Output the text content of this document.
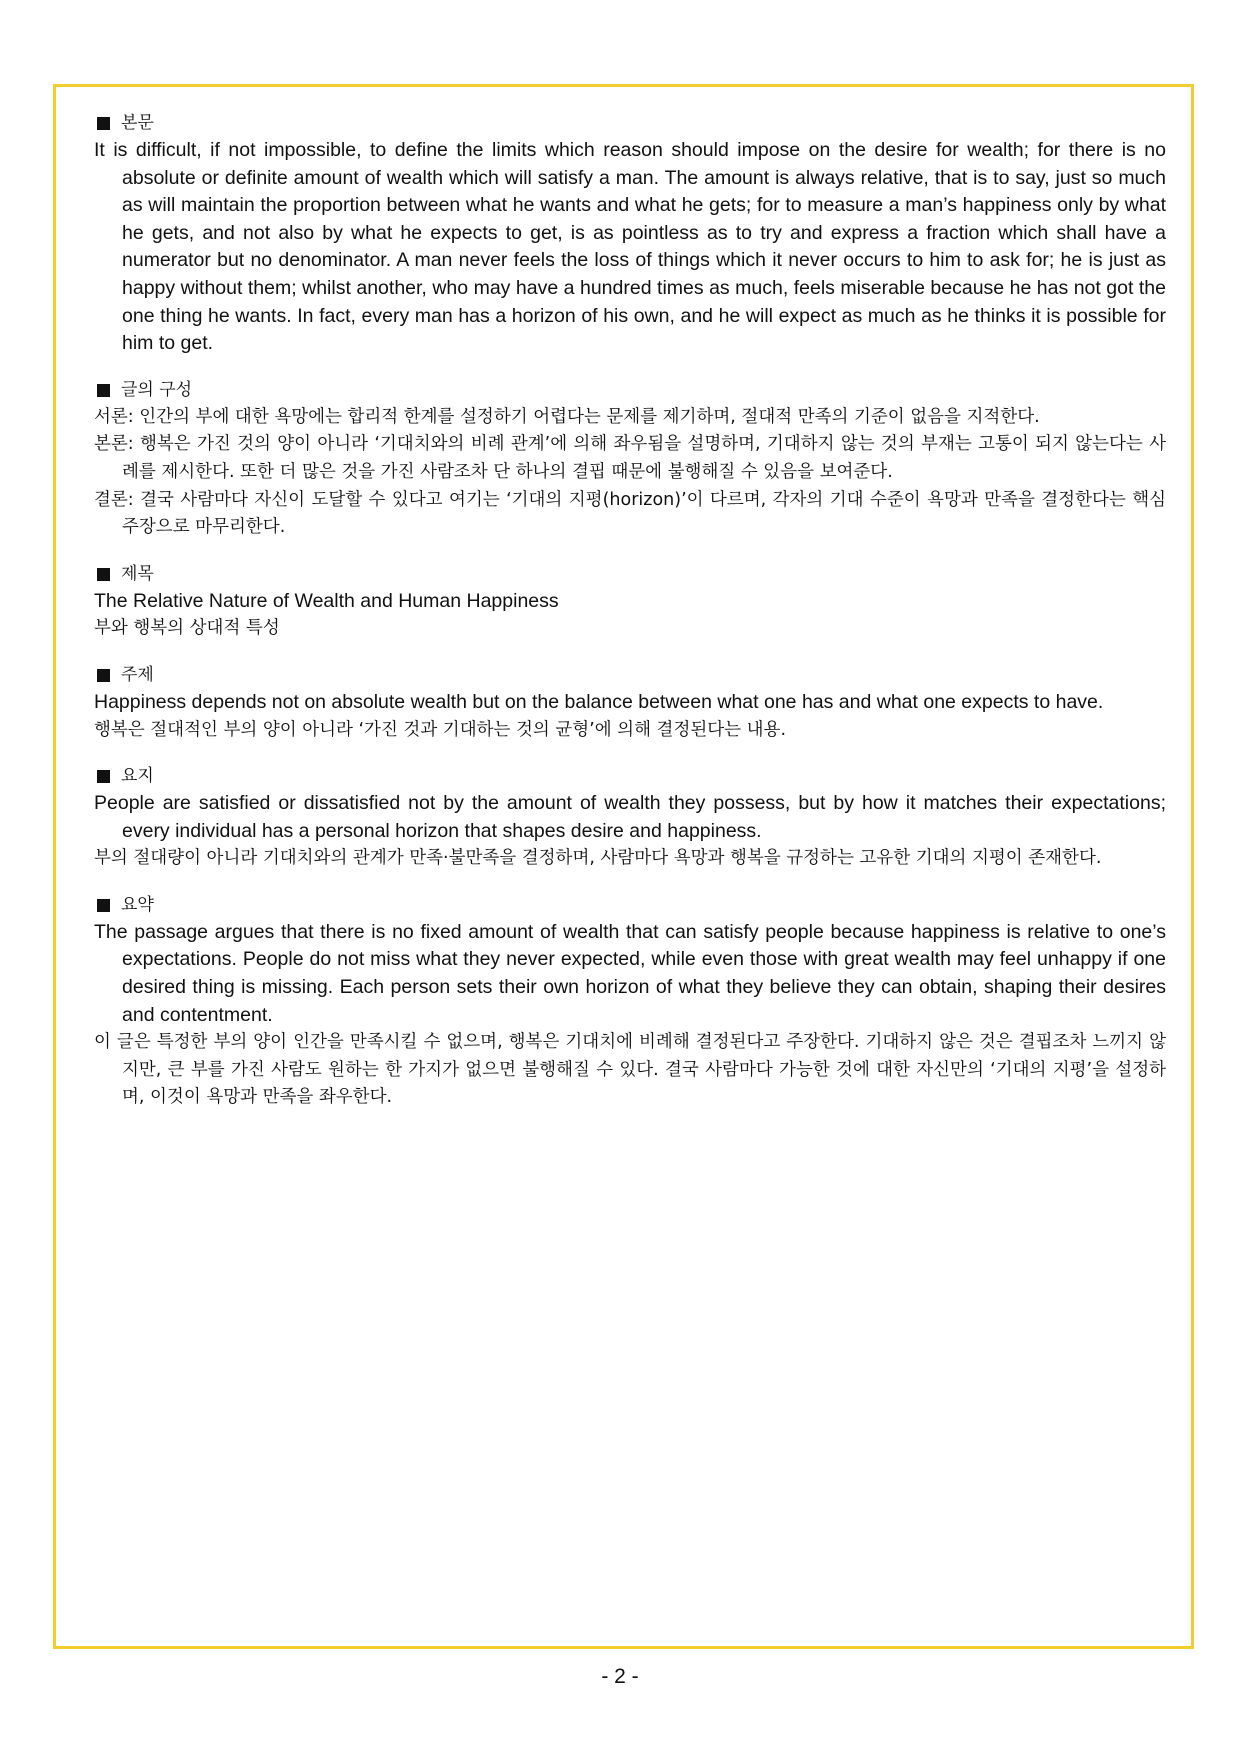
본문
It is difficult, if not impossible, to define the limits which reason should impose on the desire for wealth; for there is no absolute or definite amount of wealth which will satisfy a man. The amount is always relative, that is to say, just so much as will maintain the proportion between what he wants and what he gets; for to measure a man’s happiness only by what he gets, and not also by what he expects to get, is as pointless as to try and express a fraction which shall have a numerator but no denominator. A man never feels the loss of things which it never occurs to him to ask for; he is just as happy without them; whilst another, who may have a hundred times as much, feels miserable because he has not got the one thing he wants. In fact, every man has a horizon of his own, and he will expect as much as he thinks it is possible for him to get.
글의 구성
서론: 인간의 부에 대한 욕망에는 합리적 한계를 설정하기 어렵다는 문제를 제기하며, 절대적 만족의 기준이 없음을 지적한다.
본론: 행복은 가진 것의 양이 아니라 ‘기대치와의 비례 관계’에 의해 좌우됨을 설명하며, 기대하지 않는 것의 부재는 고통이 되지 않는다는 사례를 제시한다. 또한 더 많은 것을 가진 사람조차 단 하나의 결핍 때문에 불행해질 수 있음을 보여준다.
결론: 결국 사람마다 자신이 도달할 수 있다고 여기는 ‘기대의 지평(horizon)’이 다르며, 각자의 기대 수준이 욕망과 만족을 결정한다는 핵심 주장으로 마무리한다.
제목
The Relative Nature of Wealth and Human Happiness
부와 행복의 상대적 특성
주제
Happiness depends not on absolute wealth but on the balance between what one has and what one expects to have.
행복은 절대적인 부의 양이 아니라 ‘가진 것과 기대하는 것의 균형’에 의해 결정된다는 내용.
요지
People are satisfied or dissatisfied not by the amount of wealth they possess, but by how it matches their expectations; every individual has a personal horizon that shapes desire and happiness.
부의 절대량이 아니라 기대치와의 관계가 만족·불만족을 결정하며, 사람마다 욕망과 행복을 규정하는 고유한 기대의 지평이 존재한다.
요약
The passage argues that there is no fixed amount of wealth that can satisfy people because happiness is relative to one’s expectations. People do not miss what they never expected, while even those with great wealth may feel unhappy if one desired thing is missing. Each person sets their own horizon of what they believe they can obtain, shaping their desires and contentment.
이 글은 특정한 부의 양이 인간을 만족시킬 수 없으며, 행복은 기대치에 비례해 결정된다고 주장한다. 기대하지 않은 것은 결핍조차 느끼지 않지만, 큰 부를 가진 사람도 원하는 한 가지가 없으면 불행해질 수 있다. 결국 사람마다 가능한 것에 대한 자신만의 ‘기대의 지평’을 설정하며, 이것이 욕망과 만족을 좌우한다.
- 2 -
